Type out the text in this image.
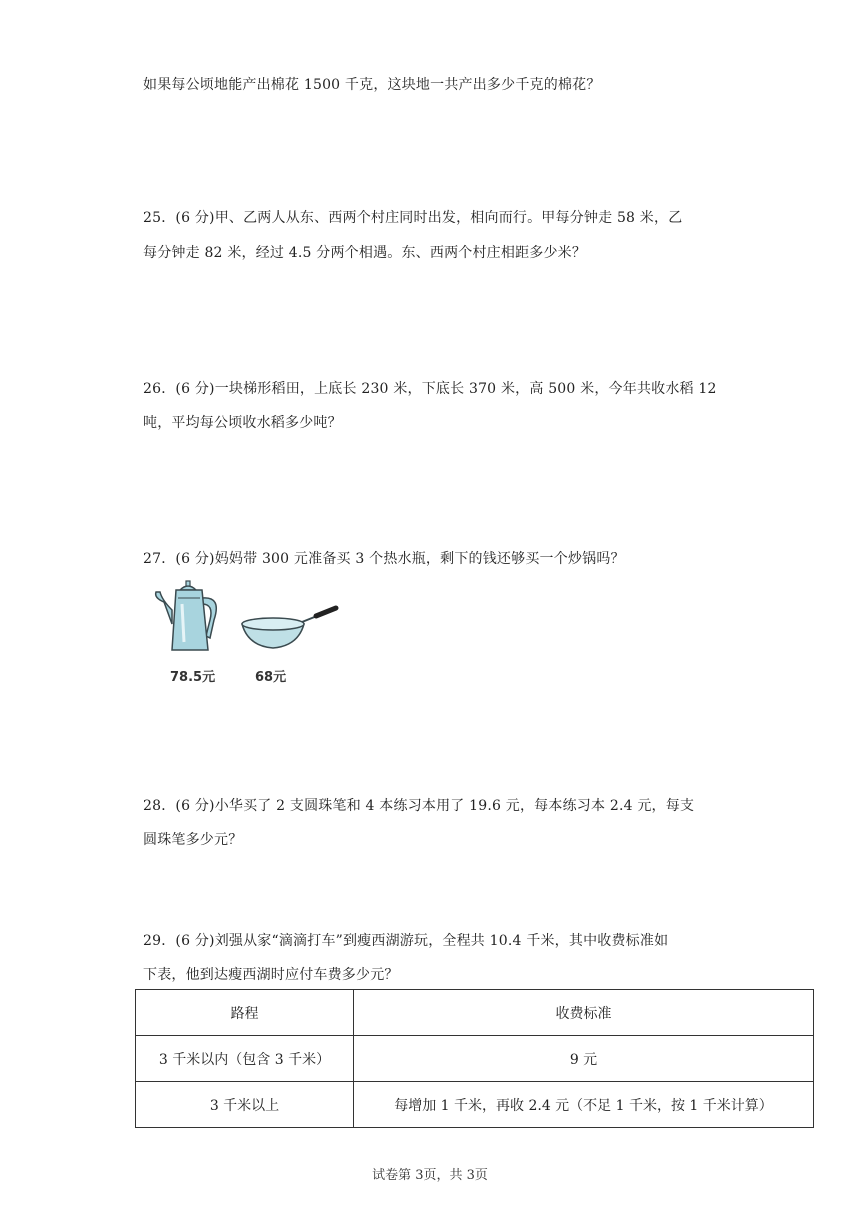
如果每公顷地能产出棉花 1500 千克，这块地一共产出多少千克的棉花？
25．(6 分)甲、乙两人从东、西两个村庄同时出发，相向而行。甲每分钟走 58 米，乙
每分钟走 82 米，经过 4.5 分两个相遇。东、西两个村庄相距多少米？
26．(6 分)一块梯形稻田，上底长 230 米，下底长 370 米，高 500 米，今年共收水稻 12
吨，平均每公顷收水稻多少吨？
27．(6 分)妈妈带 300 元准备买 3 个热水瓶，剩下的钱还够买一个炒锅吗？
78.5元	68元
28．(6 分)小华买了 2 支圆珠笔和 4 本练习本用了 19.6 元，每本练习本 2.4 元，每支
圆珠笔多少元？
29．(6 分)刘强从家“滴滴打车”到瘦西湖游玩，全程共 10.4 千米，其中收费标准如
下表，他到达瘦西湖时应付车费多少元？
路程	收费标准
3 千米以内（包含 3 千米）	9 元
3 千米以上	每增加 1 千米，再收 2.4 元（不足 1 千米，按 1 千米计算）
试卷第 3页，共 3页
